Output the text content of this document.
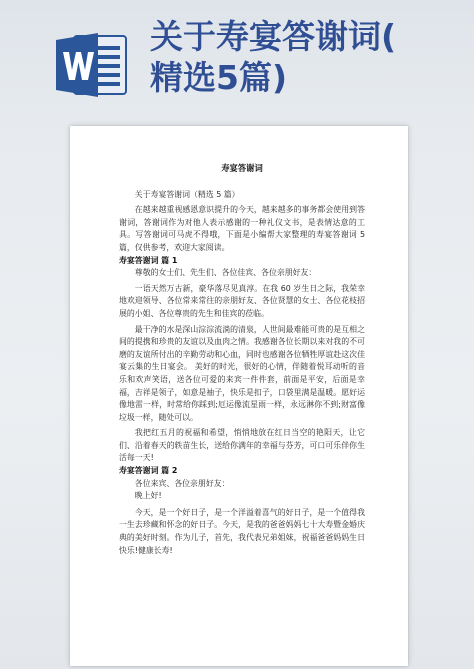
关于寿宴答谢词(
精选5篇)
寿宴答谢词

关于寿宴答谢词（精选 5 篇）

在越来越重视感恩意识提升的今天，越来越多的事务都会使用到答谢词，答谢词作为对他人表示感谢的一种礼仪文书，是表情达意的工具。写答谢词可马虎不得哦，下面是小编帮大家整理的寿宴答谢词 5 篇，仅供参考，欢迎大家阅读。

寿宴答谢词 篇 1

尊敬的女士们、先生们、各位佳宾、各位亲朋好友：

一语天然万古新，豪华落尽见真淳。在我 60 岁生日之际，我荣幸地欢迎领导、各位常来常往的亲朋好友、各位贤慧的女士、各位花枝招展的小姐、各位尊贵的先生和佳宾的莅临。

最干净的水是深山淙淙流淌的清泉，人世间最难能可贵的是互相之间的提携和珍贵的友谊以及血肉之情。我感谢各位长期以来对我的不可磨的友谊所付出的辛勤劳动和心血，同时也感谢各位牺牲厚谊赴这次佳宴云集的生日宴会。 美好的时光，很好的心情，伴随着悦耳动听的音乐和欢声笑语，送各位可爱的来宾一件件套，前面是平安，后面是幸福，吉祥是领子，如意是袖子，快乐是扣子，口袋里满是温暖。愿好运像地雷一样，时常给你踩到;厄运像流星雨一样，永远淋你不到;财富像垃圾一样，随处可以。

我把红五月的祝福和希望，悄悄地放在红日当空的艳阳天，让它们、沿着春天的轶苗生长，送给你满年的幸福与芬芳，可口可乐伴你生活每一天!

寿宴答谢词 篇 2

各位来宾、各位亲朋好友：

晚上好!

今天，是一个好日子，是一个洋溢着喜气的好日子，是一个值得我一生去珍藏和怀念的好日子。今天，是我的爸爸妈妈七十大寿暨金婚庆典的美好时刻。作为儿子，首先，我代表兄弟姐妹，祝福爸爸妈妈生日快乐!健康长寿!
